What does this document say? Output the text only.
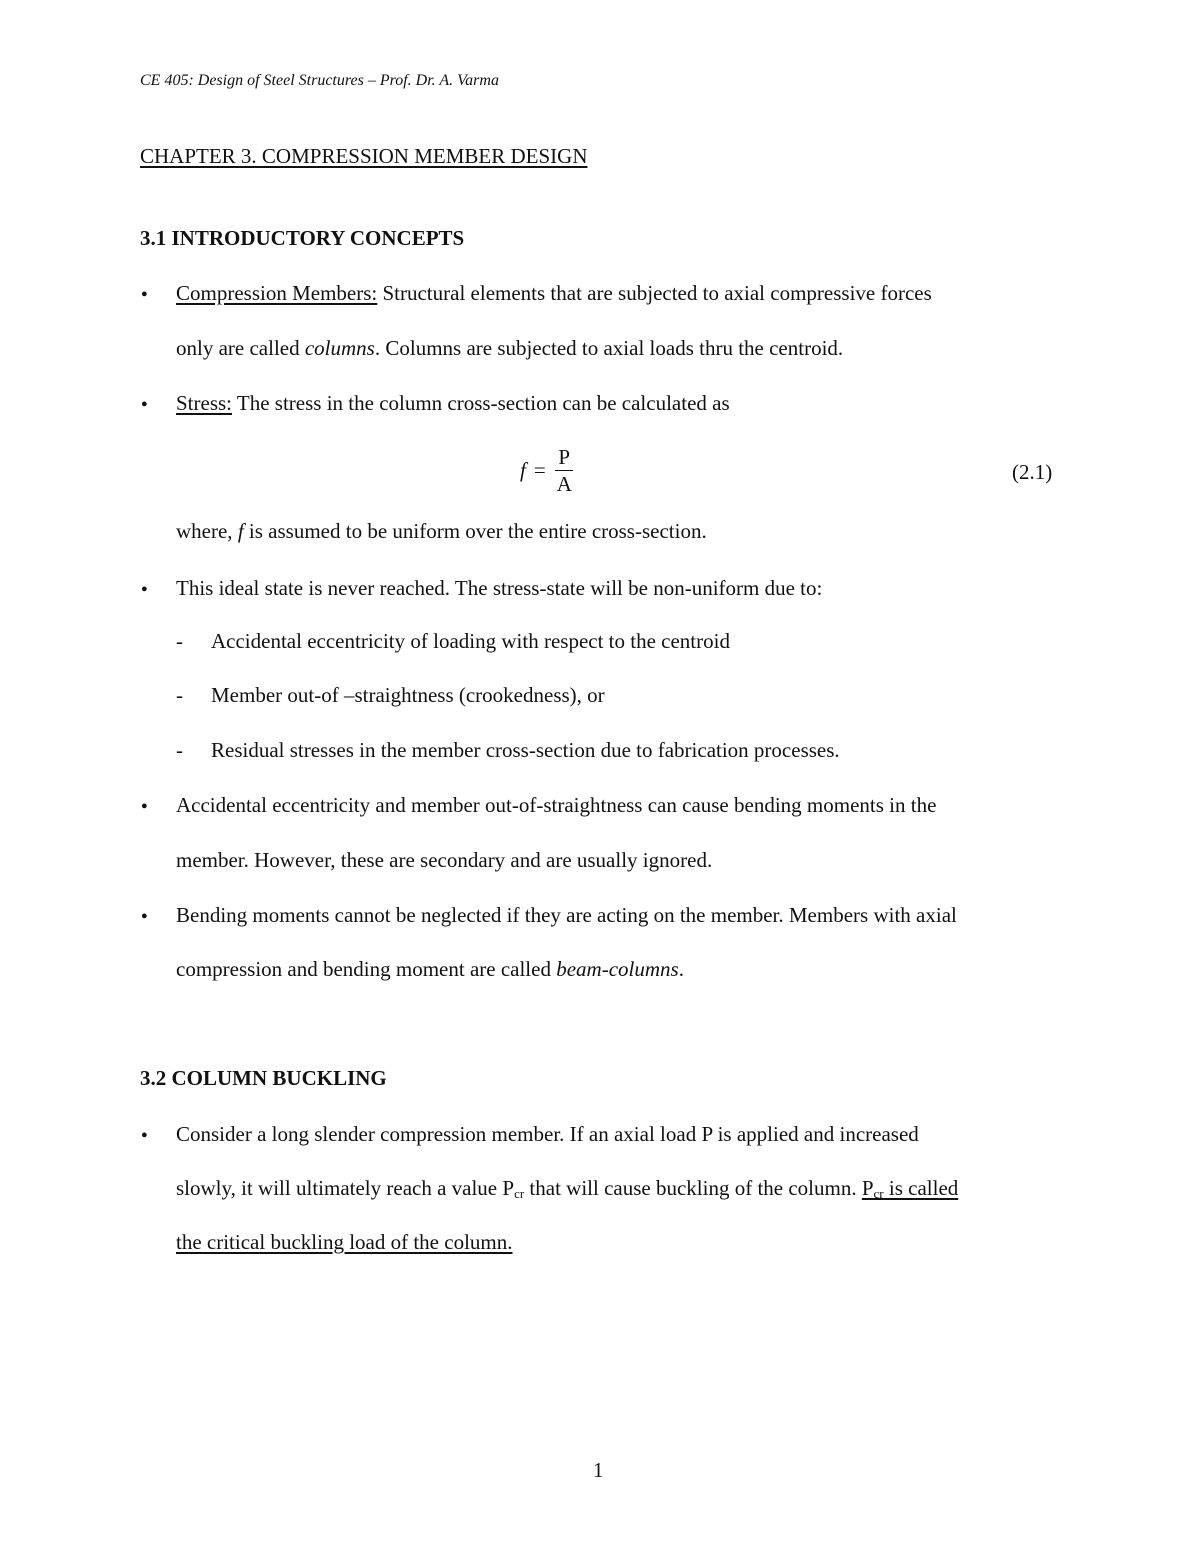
CE 405: Design of Steel Structures – Prof. Dr. A. Varma
CHAPTER 3. COMPRESSION MEMBER DESIGN
3.1 INTRODUCTORY CONCEPTS
● Compression Members: Structural elements that are subjected to axial compressive forces
only are called columns. Columns are subjected to axial loads thru the centroid.
● Stress: The stress in the column cross-section can be calculated as
$f = \frac{P}{A}$	(2.1)
where, f is assumed to be uniform over the entire cross-section.
● This ideal state is never reached. The stress-state will be non-uniform due to:
- Accidental eccentricity of loading with respect to the centroid
- Member out-of –straightness (crookedness), or
- Residual stresses in the member cross-section due to fabrication processes.
● Accidental eccentricity and member out-of-straightness can cause bending moments in the
member. However, these are secondary and are usually ignored.
● Bending moments cannot be neglected if they are acting on the member. Members with axial
compression and bending moment are called beam-columns.
3.2 COLUMN BUCKLING
● Consider a long slender compression member. If an axial load P is applied and increased
slowly, it will ultimately reach a value $P_{cr}$ that will cause buckling of the column. $P_{cr}$ is called
the critical buckling load of the column.
1
